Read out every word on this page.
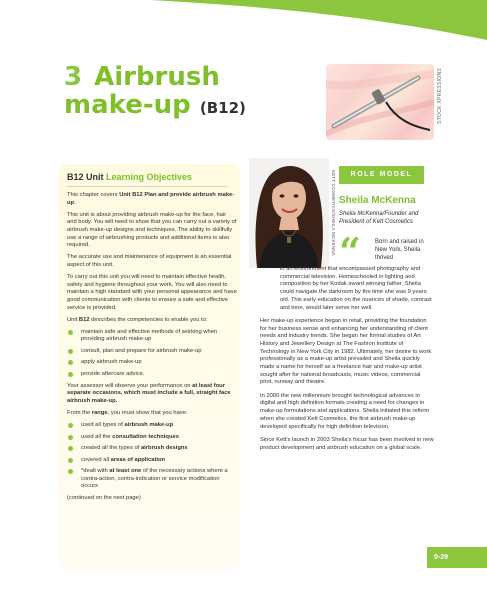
3 Airbrush
make-up (B12)	STOCK XPRESSIONS
B12 Unit Learning Objectives

This chapter covers Unit B12 Plan and provide airbrush make-up.

This unit is about providing airbrush make-up for the face, hair and body. You will need to show that you can carry out a variety of airbrush make-up designs and techniques. The ability to skillfully use a range of airbrushing products and additional items is also required.

The accurate use and maintenance of equipment is an essential aspect of this unit.

To carry out this unit you will need to maintain effective health, safety and hygiene throughout your work. You will also need to maintain a high standard with your personal appearance and have good communication with clients to ensure a safe and effective service is provided.

Unit B12 describes the competencies to enable you to:

maintain safe and effective methods of working when providing airbrush make-up
consult, plan and prepare for airbrush make-up
apply airbrush make-up
provide aftercare advice.

Your assessor will observe your performance on at least four separate occasions, which must include a full, straight face airbrush make-up.

From the range, you must show that you have:

used all types of airbrush make-up
used all the consultation techniques
created all the types of airbrush designs
covered all areas of application
*dealt with at least one of the necessary actions where a contra-action, contra-indication or service modification occurs

(continued on the next page)

KETT COSMETICS/SHEILA MCKENNA	ROLE MODEL
Sheila McKenna
Sheila McKenna/Founder and President of Kett Cosmetics
“ Born and raised in New York, Sheila thrived

in an environment that encompassed photography and commercial television. Homeschooled in lighting and composition by her Kodak award winning father, Sheila could navigate the darkroom by the time she was 9 years old. This early education on the nuances of shade, contrast and tone, would later serve her well.

Her make-up experience began in retail, providing the foundation for her business sense and enhancing her understanding of client needs and industry trends. She began her formal studies of Art History and Jewellery Design at The Fashion Institute of Technology in New York City in 1982. Ultimately, her desire to work professionally as a make-up artist prevailed and Sheila quickly made a name for herself as a freelance hair and make-up artist sought after for national broadcasts, music videos, commercial print, runway and theatre.

In 2000 the new millennium brought technological advances in digital and high definition formats creating a need for changes in make-up formulations and applications. Sheila initiated this reform when she created Kett Cosmetics, the first airbrush make-up developed specifically for high definition television.

Since Kett's launch in 2003 Sheila's focus has been involved in new product development and airbrush education on a global scale.

0-29
